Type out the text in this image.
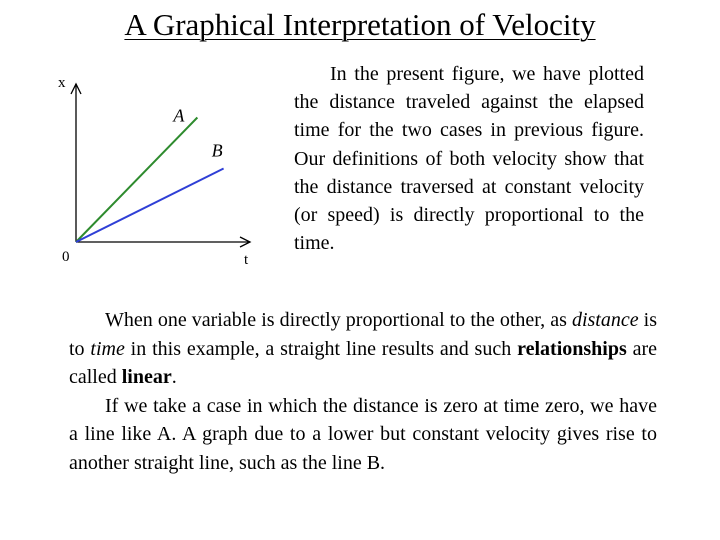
A Graphical Interpretation of Velocity
x
t
0
A
B

In the present figure, we have plotted the distance traveled against the elapsed time for the two cases in previous figure. Our definitions of both velocity show that the distance traversed at constant velocity (or speed) is directly proportional to the time.

When one variable is directly proportional to the other, as distance is to time in this example, a straight line results and such relationships are called linear.

If we take a case in which the distance is zero at time zero, we have a line like A. A graph due to a lower but constant velocity gives rise to another straight line, such as the line B.
